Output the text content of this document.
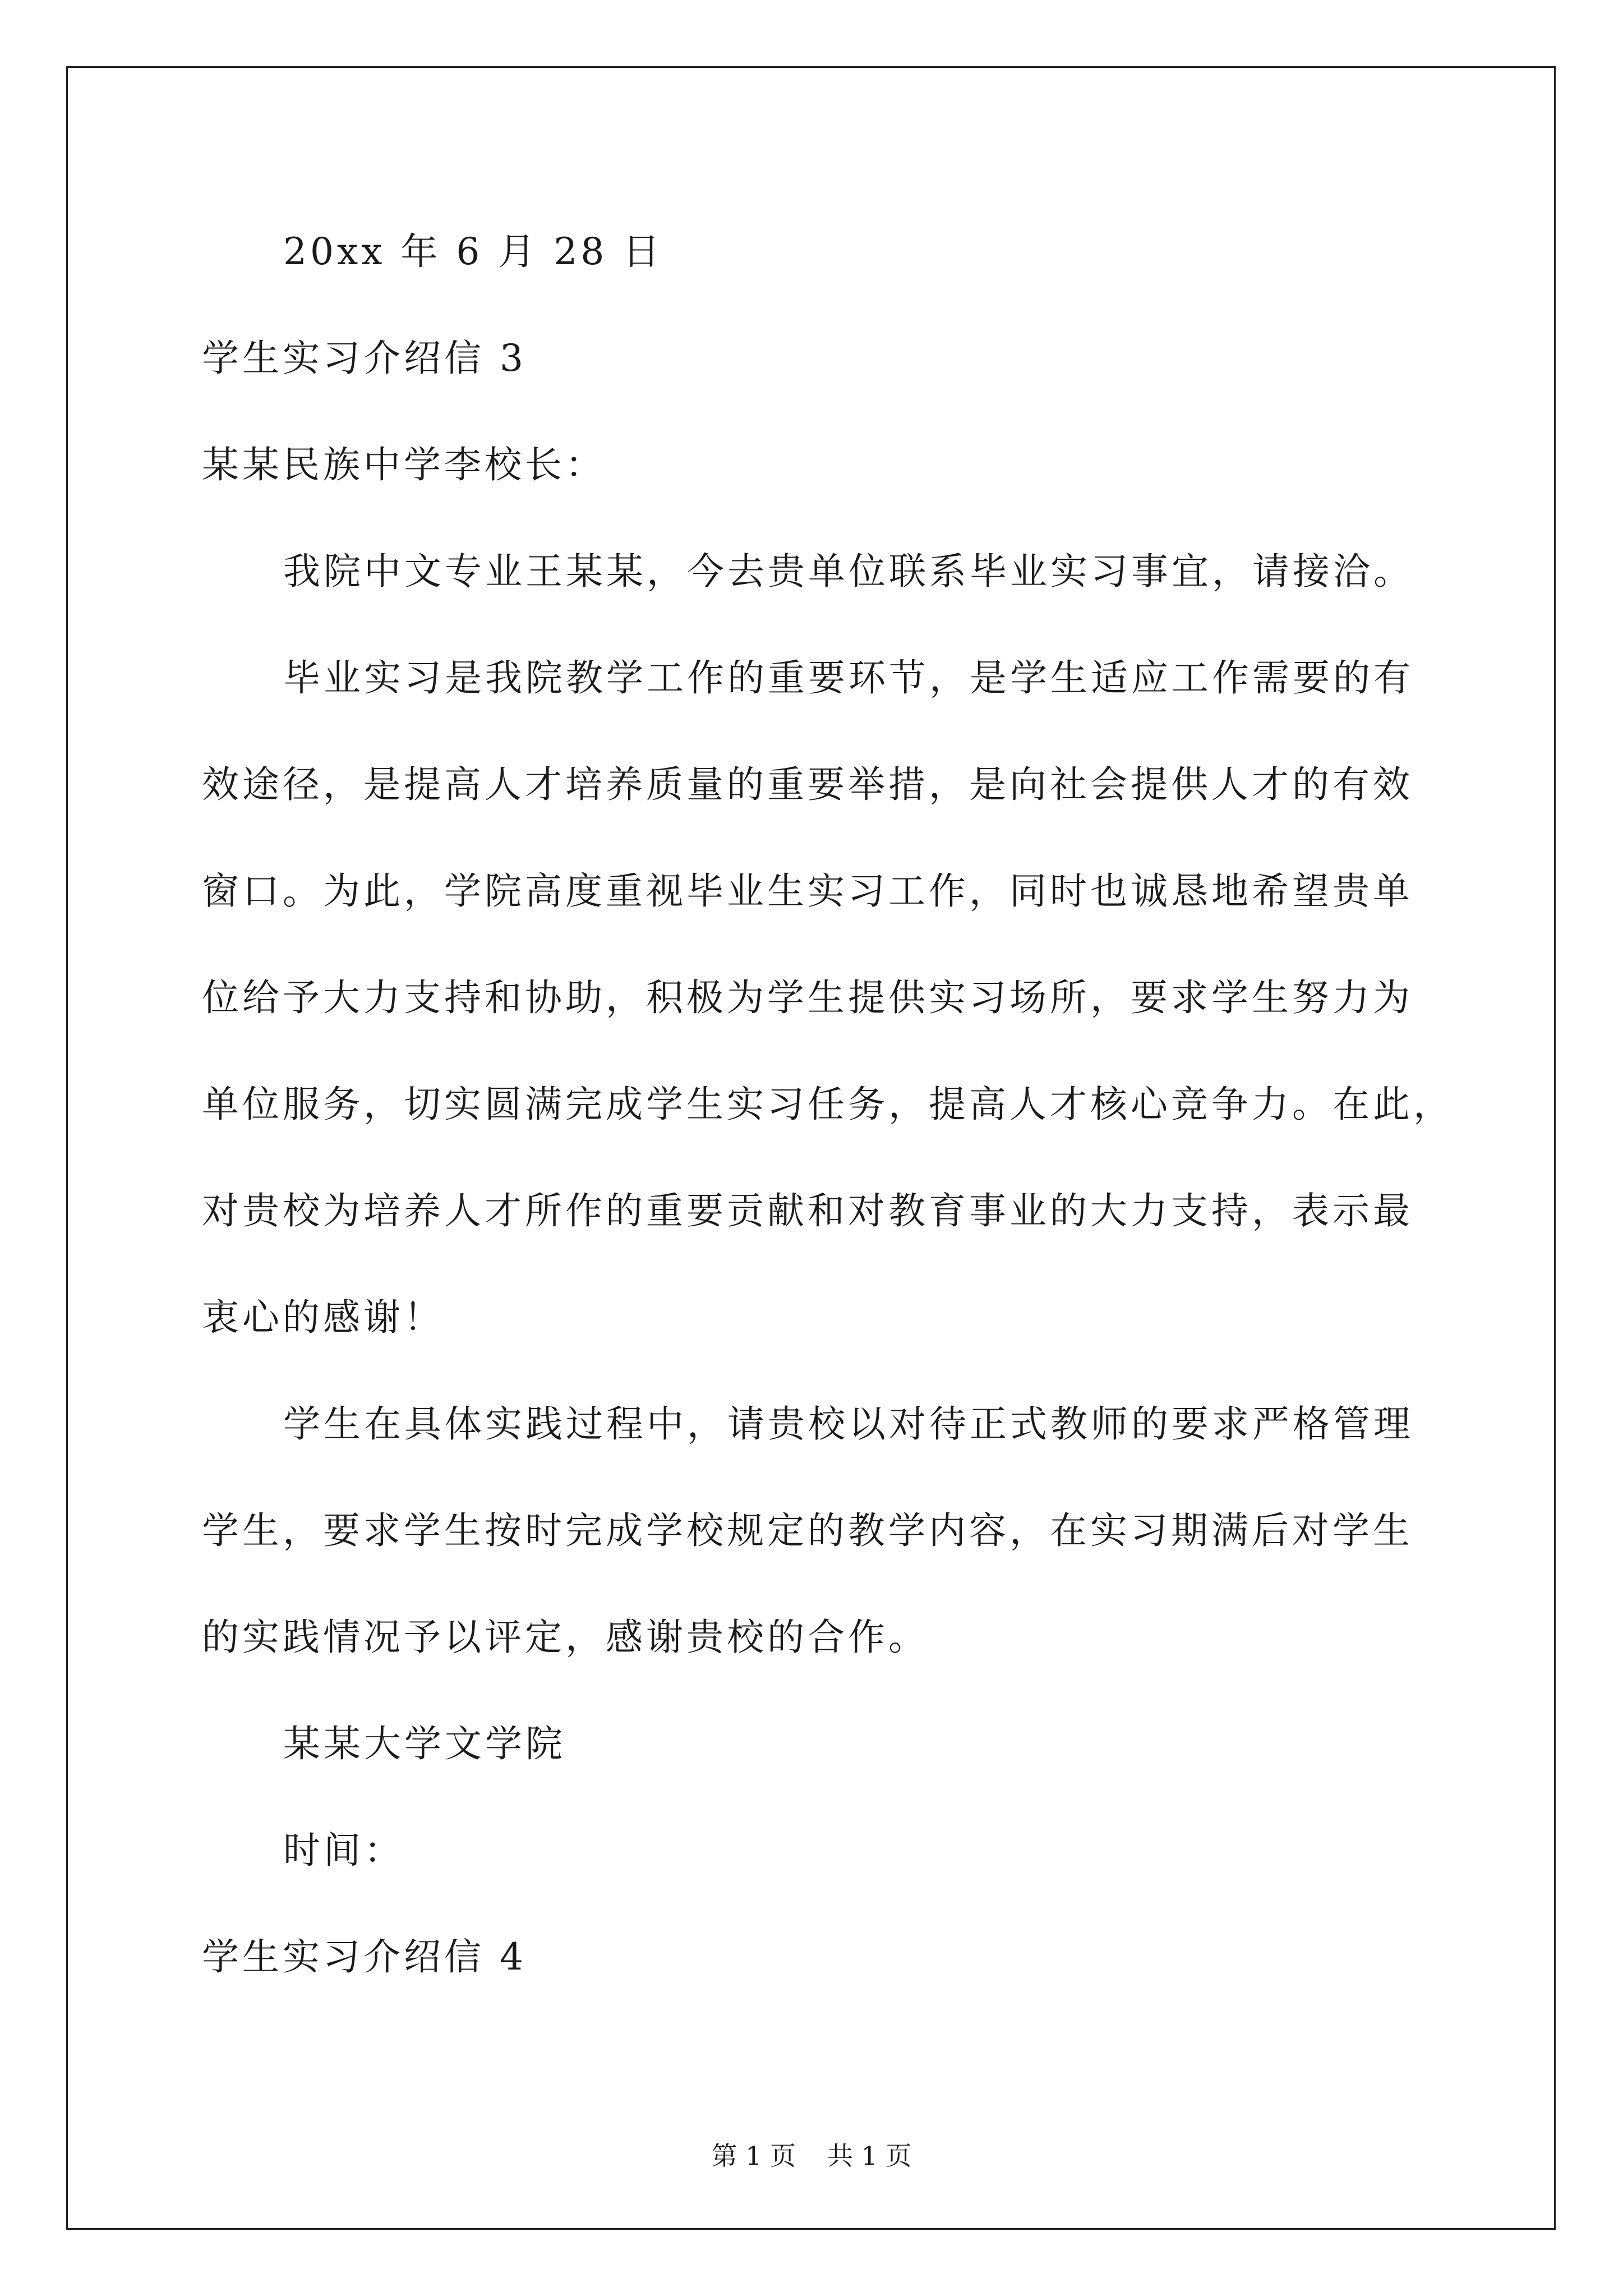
20xx 年 6 月 28 日
学生实习介绍信 3
某某民族中学李校长：
我院中文专业王某某，今去贵单位联系毕业实习事宜，请接洽。
毕业实习是我院教学工作的重要环节，是学生适应工作需要的有
效途径，是提高人才培养质量的重要举措，是向社会提供人才的有效
窗口。为此，学院高度重视毕业生实习工作，同时也诚恳地希望贵单
位给予大力支持和协助，积极为学生提供实习场所，要求学生努力为
单位服务，切实圆满完成学生实习任务，提高人才核心竞争力。在此，
对贵校为培养人才所作的重要贡献和对教育事业的大力支持，表示最
衷心的感谢！
学生在具体实践过程中，请贵校以对待正式教师的要求严格管理
学生，要求学生按时完成学校规定的教学内容，在实习期满后对学生
的实践情况予以评定，感谢贵校的合作。
某某大学文学院
时间：
学生实习介绍信 4
第 1 页 共 1 页
